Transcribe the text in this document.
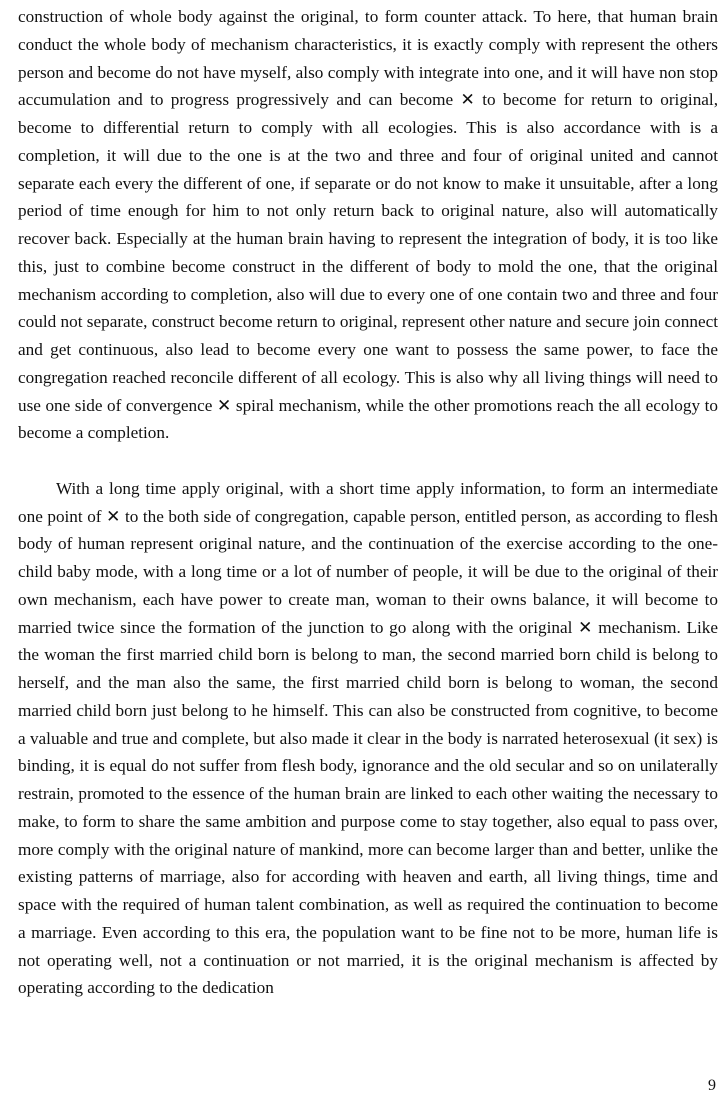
construction of whole body against the original, to form counter attack. To here, that human brain conduct the whole body of mechanism characteristics, it is exactly comply with represent the others person and become do not have myself, also comply with integrate into one, and it will have non stop accumulation and to progress progressively and can become ✕ to become for return to original, become to differential return to comply with all ecologies. This is also accordance with is a completion, it will due to the one is at the two and three and four of original united and cannot separate each every the different of one, if separate or do not know to make it unsuitable, after a long period of time enough for him to not only return back to original nature, also will automatically recover back. Especially at the human brain having to represent the integration of body, it is too like this, just to combine become construct in the different of body to mold the one, that the original mechanism according to completion, also will due to every one of one contain two and three and four could not separate, construct become return to original, represent other nature and secure join connect and get continuous, also lead to become every one want to possess the same power, to face the congregation reached reconcile different of all ecology. This is also why all living things will need to use one side of convergence ✕ spiral mechanism, while the other promotions reach the all ecology to become a completion.

With a long time apply original, with a short time apply information, to form an intermediate one point of ✕ to the both side of congregation, capable person, entitled person, as according to flesh body of human represent original nature, and the continuation of the exercise according to the one-child baby mode, with a long time or a lot of number of people, it will be due to the original of their own mechanism, each have power to create man, woman to their owns balance, it will become to married twice since the formation of the junction to go along with the original ✕ mechanism. Like the woman the first married child born is belong to man, the second married born child is belong to herself, and the man also the same, the first married child born is belong to woman, the second married child born just belong to he himself. This can also be constructed from cognitive, to become a valuable and true and complete, but also made it clear in the body is narrated heterosexual (it sex) is binding, it is equal do not suffer from flesh body, ignorance and the old secular and so on unilaterally restrain, promoted to the essence of the human brain are linked to each other waiting the necessary to make, to form to share the same ambition and purpose come to stay together, also equal to pass over, more comply with the original nature of mankind, more can become larger than and better, unlike the existing patterns of marriage, also for according with heaven and earth, all living things, time and space with the required of human talent combination, as well as required the continuation to become a marriage. Even according to this era, the population want to be fine not to be more, human life is not operating well, not a continuation or not married, it is the original mechanism is affected by operating according to the dedication

9
